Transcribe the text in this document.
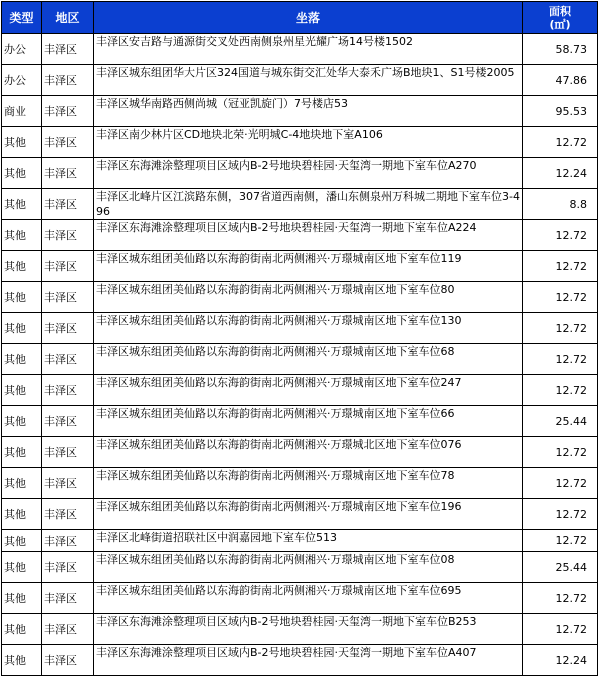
类型	地区	坐落	面积
(㎡)
办公	丰泽区	丰泽区安吉路与通源街交叉处西南侧泉州星光耀广场14号楼1502	58.73
办公	丰泽区	丰泽区城东组团华大片区324国道与城东街交汇处华大泰禾广场B地块1、S1号楼2005	47.86
商业	丰泽区	丰泽区城华南路西侧尚城（冠亚凯旋门）7号楼店53	95.53
其他	丰泽区	丰泽区南少林片区CD地块北荣·光明城C-4地块地下室A106	12.72
其他	丰泽区	丰泽区东海滩涂整理项目区域内B-2号地块碧桂园·天玺湾一期地下室车位A270	12.24
其他	丰泽区	丰泽区北峰片区江滨路东侧，307省道西南侧，潘山东侧泉州万科城二期地下室车位3-496	8.8
其他	丰泽区	丰泽区东海滩涂整理项目区域内B-2号地块碧桂园·天玺湾一期地下室车位A224	12.72
其他	丰泽区	丰泽区城东组团美仙路以东海韵街南北两侧湘兴·万璟城南区地下室车位119	12.72
其他	丰泽区	丰泽区城东组团美仙路以东海韵街南北两侧湘兴·万璟城南区地下室车位80	12.72
其他	丰泽区	丰泽区城东组团美仙路以东海韵街南北两侧湘兴·万璟城南区地下室车位130	12.72
其他	丰泽区	丰泽区城东组团美仙路以东海韵街南北两侧湘兴·万璟城南区地下室车位68	12.72
其他	丰泽区	丰泽区城东组团美仙路以东海韵街南北两侧湘兴·万璟城南区地下室车位247	12.72
其他	丰泽区	丰泽区城东组团美仙路以东海韵街南北两侧湘兴·万璟城南区地下室车位66	25.44
其他	丰泽区	丰泽区城东组团美仙路以东海韵街南北两侧湘兴·万璟城北区地下室车位076	12.72
其他	丰泽区	丰泽区城东组团美仙路以东海韵街南北两侧湘兴·万璟城南区地下室车位78	12.72
其他	丰泽区	丰泽区城东组团美仙路以东海韵街南北两侧湘兴·万璟城南区地下室车位196	12.72
其他	丰泽区	丰泽区北峰街道招联社区中润嘉园地下室车位513	12.72
其他	丰泽区	丰泽区城东组团美仙路以东海韵街南北两侧湘兴·万璟城南区地下室车位08	25.44
其他	丰泽区	丰泽区城东组团美仙路以东海韵街南北两侧湘兴·万璟城南区地下室车位695	12.72
其他	丰泽区	丰泽区东海滩涂整理项目区域内B-2号地块碧桂园·天玺湾一期地下室车位B253	12.72
其他	丰泽区	丰泽区东海滩涂整理项目区域内B-2号地块碧桂园·天玺湾一期地下室车位A407	12.24
